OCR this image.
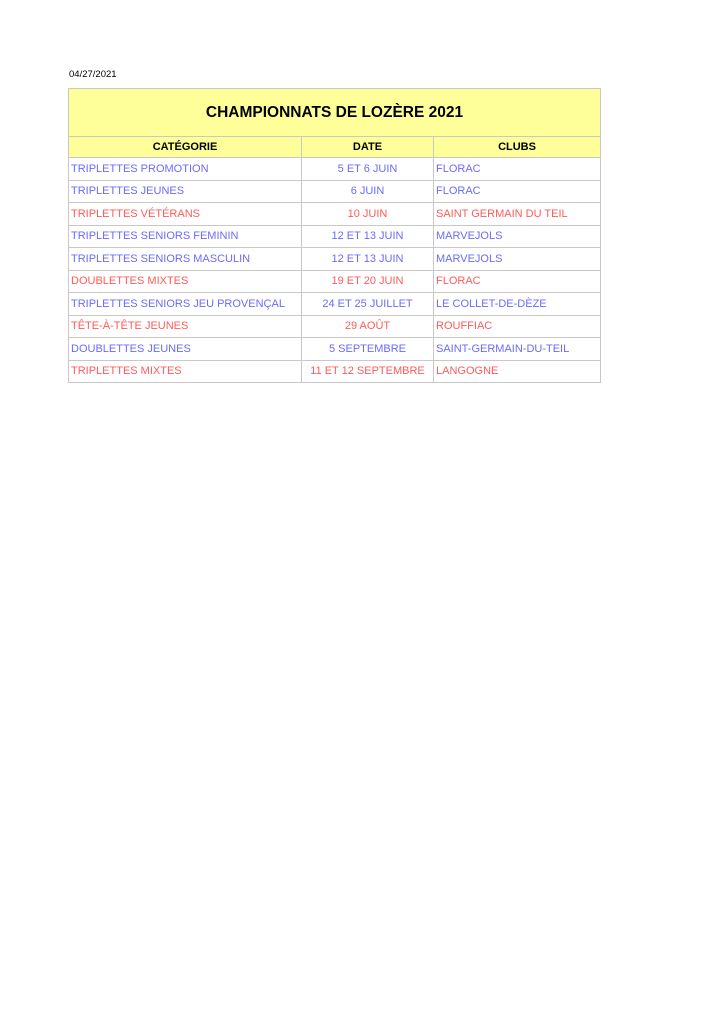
04/27/2021
CHAMPIONNATS DE LOZÈRE 2021		
CATÉGORIE	DATE	CLUBS
TRIPLETTES PROMOTION	5 ET 6 JUIN	FLORAC
TRIPLETTES JEUNES	6 JUIN	FLORAC
TRIPLETTES VÉTÉRANS	10 JUIN	SAINT GERMAIN DU TEIL
TRIPLETTES SENIORS FEMININ	12 ET 13 JUIN	MARVEJOLS
TRIPLETTES SENIORS MASCULIN	12 ET 13 JUIN	MARVEJOLS
DOUBLETTES MIXTES	19 ET 20 JUIN	FLORAC
TRIPLETTES SENIORS JEU PROVENÇAL	24 ET 25 JUILLET	LE COLLET-DE-DÈZE
TÊTE-À-TÊTE JEUNES	29 AOÛT	ROUFFIAC
DOUBLETTES JEUNES	5 SEPTEMBRE	SAINT-GERMAIN-DU-TEIL
TRIPLETTES MIXTES	11 ET 12 SEPTEMBRE	LANGOGNE
